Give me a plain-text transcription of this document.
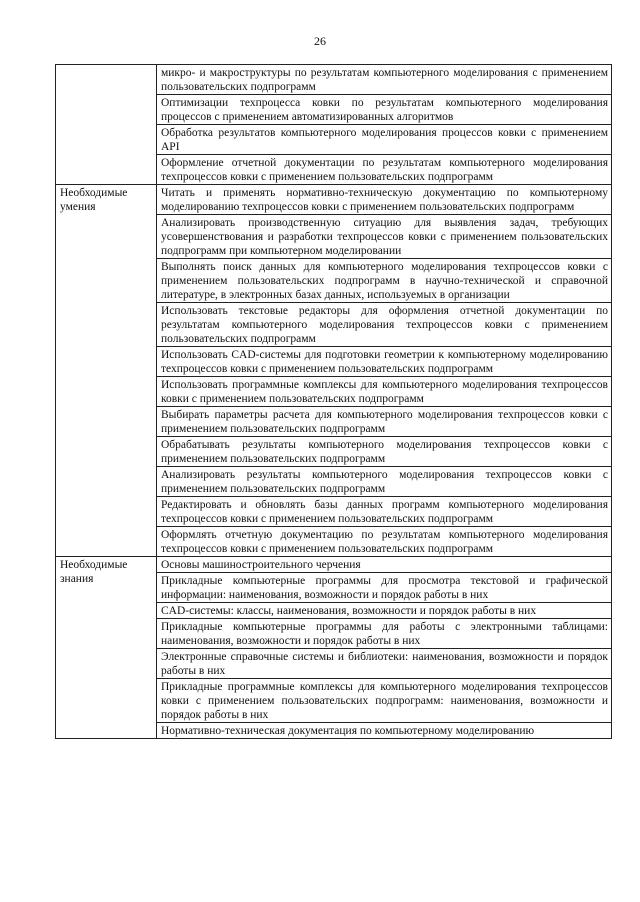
26
	микро- и макроструктуры по результатам компьютерного моделирования с применением пользовательских подпрограмм
	Оптимизации техпроцесса ковки по результатам компьютерного моделирования процессов с применением автоматизированных алгоритмов
	Обработка результатов компьютерного моделирования процессов ковки с применением API
	Оформление отчетной документации по результатам компьютерного моделирования техпроцессов ковки с применением пользовательских подпрограмм
Необходимые умения	Читать и применять нормативно-техническую документацию по компьютерному моделированию техпроцессов ковки с применением пользовательских подпрограмм
	Анализировать производственную ситуацию для выявления задач, требующих усовершенствования и разработки техпроцессов ковки с применением пользовательских подпрограмм при компьютерном моделировании
	Выполнять поиск данных для компьютерного моделирования техпроцессов ковки с применением пользовательских подпрограмм в научно-технической и справочной литературе, в электронных базах данных, используемых в организации
	Использовать текстовые редакторы для оформления отчетной документации по результатам компьютерного моделирования техпроцессов ковки с применением пользовательских подпрограмм
	Использовать CAD-системы для подготовки геометрии к компьютерному моделированию техпроцессов ковки с применением пользовательских подпрограмм
	Использовать программные комплексы для компьютерного моделирования техпроцессов ковки с применением пользовательских подпрограмм
	Выбирать параметры расчета для компьютерного моделирования техпроцессов ковки с применением пользовательских подпрограмм
	Обрабатывать результаты компьютерного моделирования техпроцессов ковки с применением пользовательских подпрограмм
	Анализировать результаты компьютерного моделирования техпроцессов ковки с применением пользовательских подпрограмм
	Редактировать и обновлять базы данных программ компьютерного моделирования техпроцессов ковки с применением пользовательских подпрограмм
	Оформлять отчетную документацию по результатам компьютерного моделирования техпроцессов ковки с применением пользовательских подпрограмм
Необходимые знания	Основы машиностроительного черчения
	Прикладные компьютерные программы для просмотра текстовой и графической информации: наименования, возможности и порядок работы в них
	CAD-системы: классы, наименования, возможности и порядок работы в них
	Прикладные компьютерные программы для работы с электронными таблицами: наименования, возможности и порядок работы в них
	Электронные справочные системы и библиотеки: наименования, возможности и порядок работы в них
	Прикладные программные комплексы для компьютерного моделирования техпроцессов ковки с применением пользовательских подпрограмм: наименования, возможности и порядок работы в них
	Нормативно-техническая документация по компьютерному моделированию
